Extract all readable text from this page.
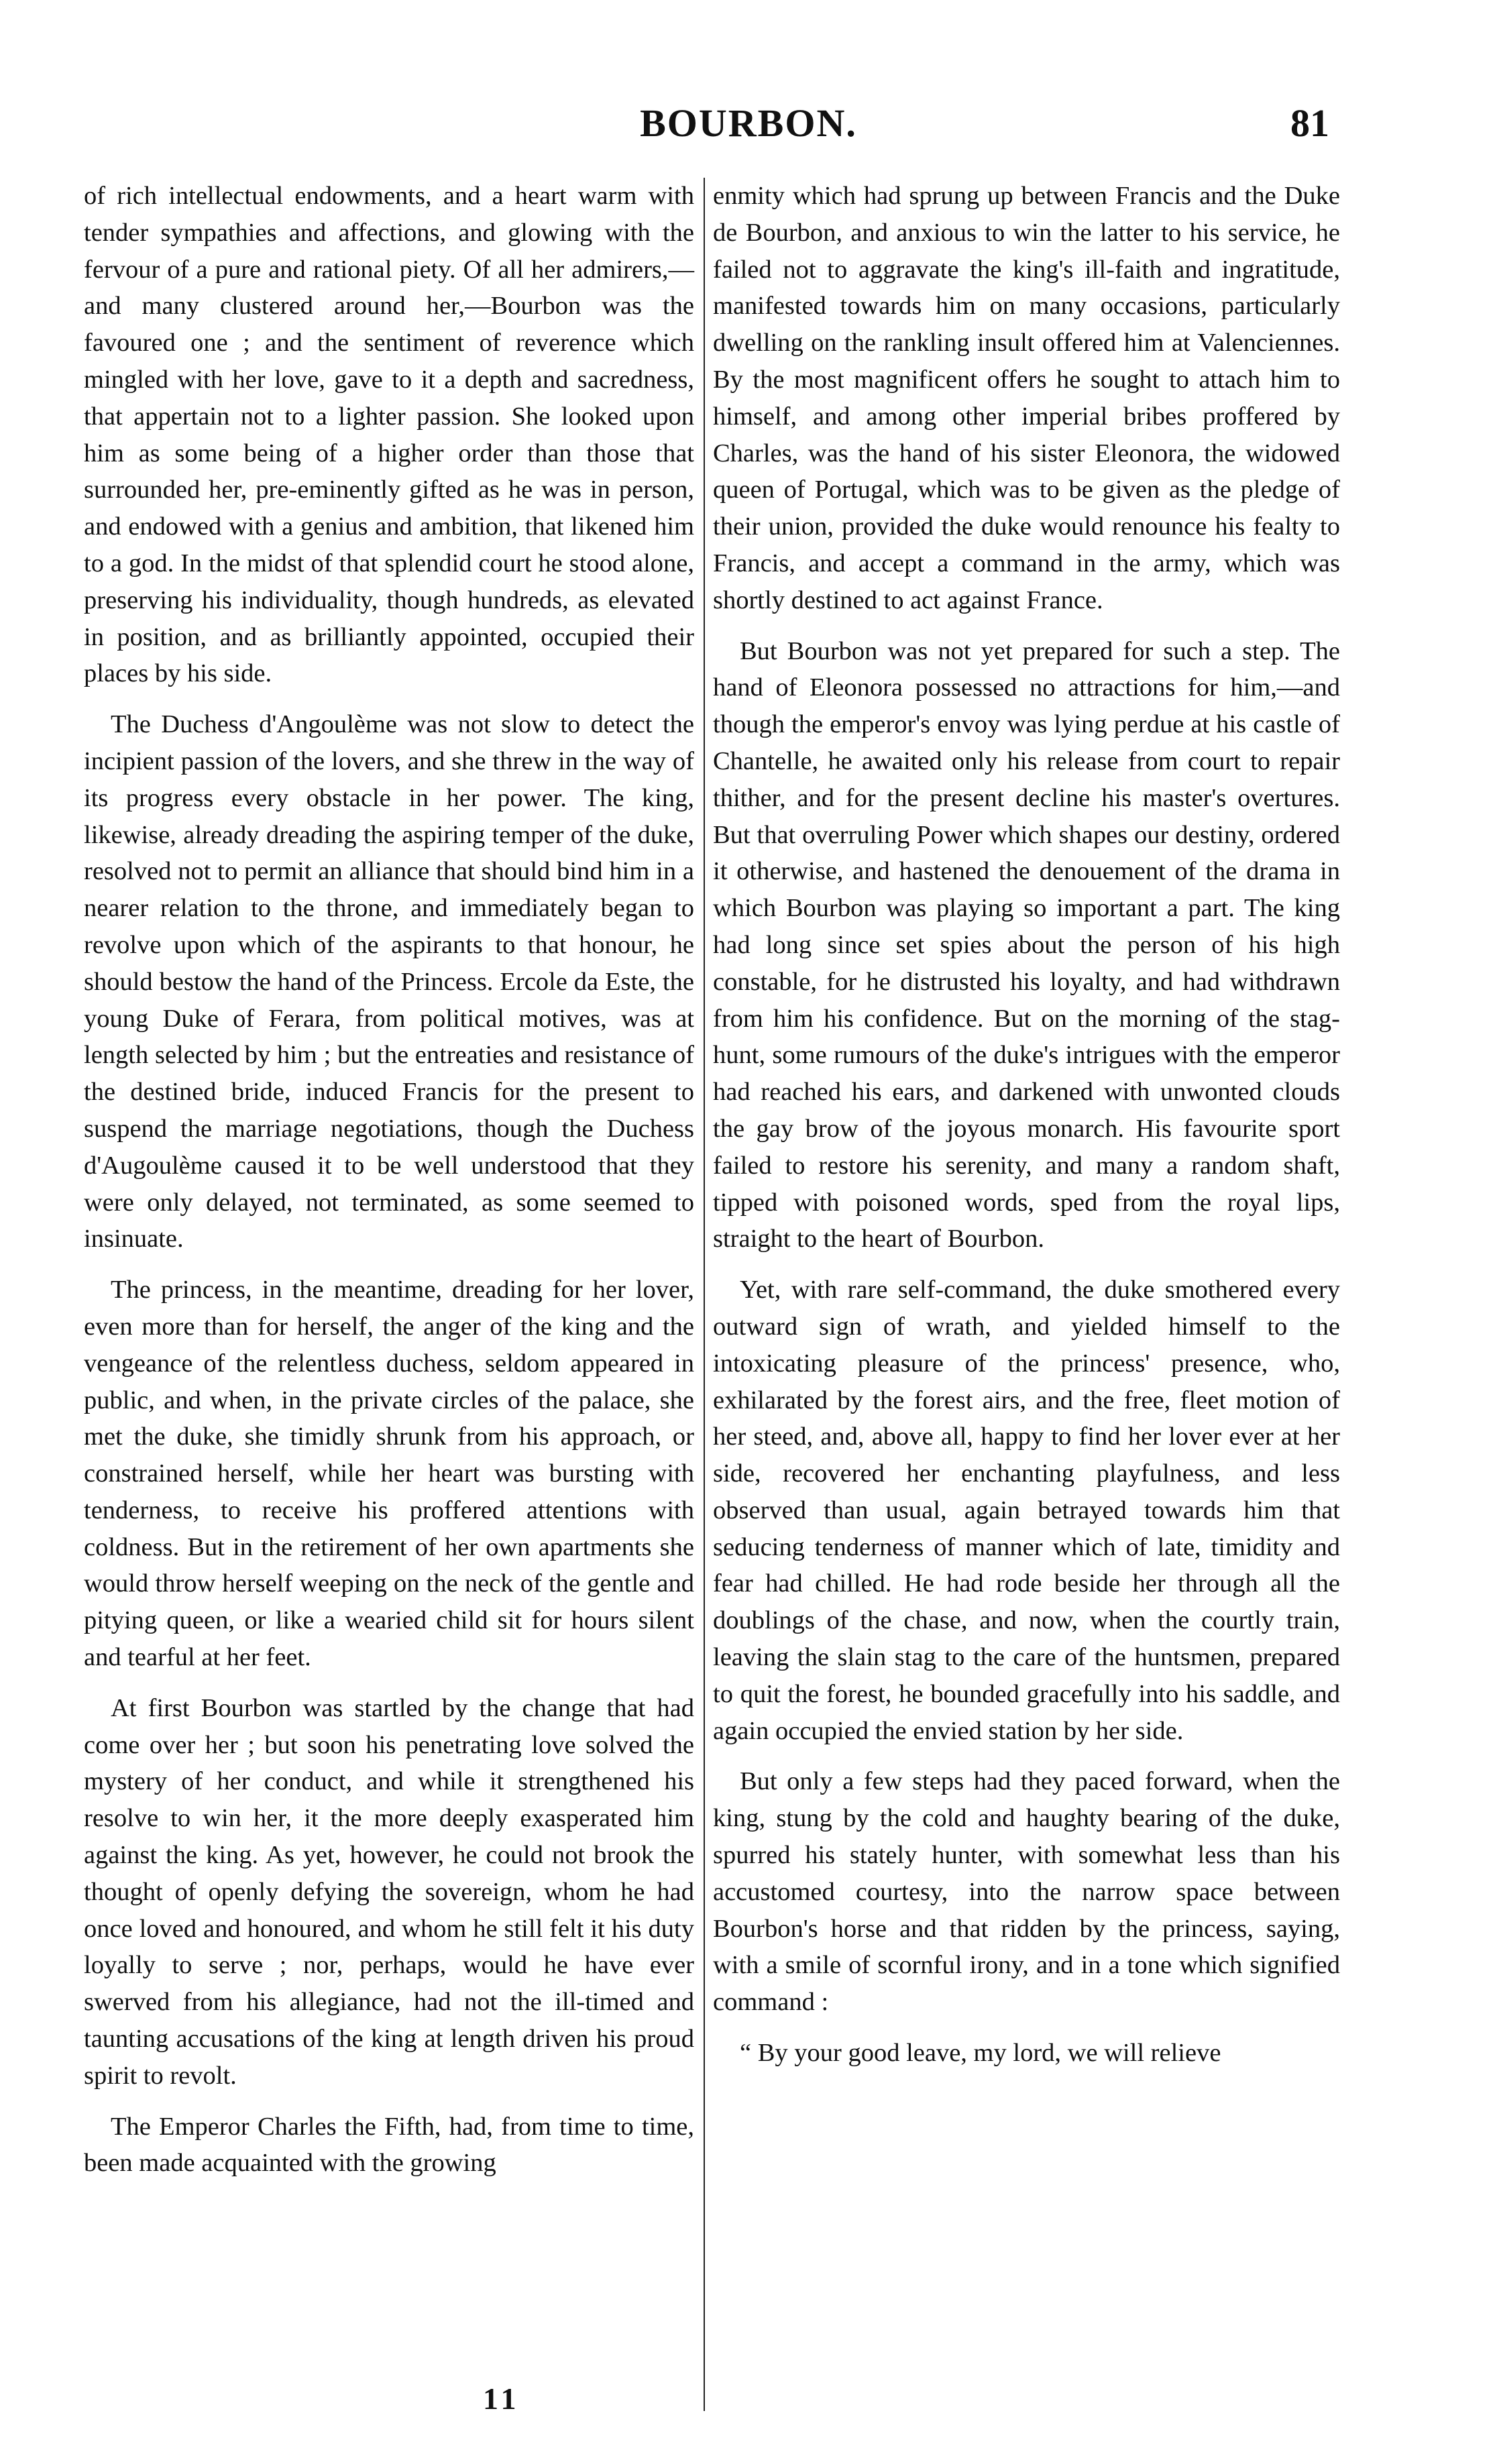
BOURBON.	81

of rich intellectual endowments, and a heart warm with tender sympathies and affections, and glowing with the fervour of a pure and rational piety. Of all her admirers,—and many clustered around her,—Bourbon was the favoured one ; and the sentiment of reverence which mingled with her love, gave to it a depth and sacredness, that appertain not to a lighter passion. She looked upon him as some being of a higher order than those that surrounded her, pre-eminently gifted as he was in person, and endowed with a genius and ambition, that likened him to a god. In the midst of that splendid court he stood alone, preserving his individuality, though hundreds, as elevated in position, and as brilliantly appointed, occupied their places by his side.

The Duchess d'Angoulème was not slow to detect the incipient passion of the lovers, and she threw in the way of its progress every obstacle in her power. The king, likewise, already dreading the aspiring temper of the duke, resolved not to permit an alliance that should bind him in a nearer relation to the throne, and immediately began to revolve upon which of the aspirants to that honour, he should bestow the hand of the Princess. Ercole da Este, the young Duke of Ferara, from political motives, was at length selected by him ; but the entreaties and resistance of the destined bride, induced Francis for the present to suspend the marriage negotiations, though the Duchess d'Augoulème caused it to be well understood that they were only delayed, not terminated, as some seemed to insinuate.

The princess, in the meantime, dreading for her lover, even more than for herself, the anger of the king and the vengeance of the relentless duchess, seldom appeared in public, and when, in the private circles of the palace, she met the duke, she timidly shrunk from his approach, or constrained herself, while her heart was bursting with tenderness, to receive his proffered attentions with coldness. But in the retirement of her own apartments she would throw herself weeping on the neck of the gentle and pitying queen, or like a wearied child sit for hours silent and tearful at her feet.

At first Bourbon was startled by the change that had come over her ; but soon his penetrating love solved the mystery of her conduct, and while it strengthened his resolve to win her, it the more deeply exasperated him against the king. As yet, however, he could not brook the thought of openly defying the sovereign, whom he had once loved and honoured, and whom he still felt it his duty loyally to serve ; nor, perhaps, would he have ever swerved from his allegiance, had not the ill-timed and taunting accusations of the king at length driven his proud spirit to revolt.

The Emperor Charles the Fifth, had, from time to time, been made acquainted with the growing

enmity which had sprung up between Francis and the Duke de Bourbon, and anxious to win the latter to his service, he failed not to aggravate the king's ill-faith and ingratitude, manifested towards him on many occasions, particularly dwelling on the rankling insult offered him at Valenciennes. By the most magnificent offers he sought to attach him to himself, and among other imperial bribes proffered by Charles, was the hand of his sister Eleonora, the widowed queen of Portugal, which was to be given as the pledge of their union, provided the duke would renounce his fealty to Francis, and accept a command in the army, which was shortly destined to act against France.

But Bourbon was not yet prepared for such a step. The hand of Eleonora possessed no attractions for him,—and though the emperor's envoy was lying perdue at his castle of Chantelle, he awaited only his release from court to repair thither, and for the present decline his master's overtures. But that overruling Power which shapes our destiny, ordered it otherwise, and hastened the denouement of the drama in which Bourbon was playing so important a part. The king had long since set spies about the person of his high constable, for he distrusted his loyalty, and had withdrawn from him his confidence. But on the morning of the stag-hunt, some rumours of the duke's intrigues with the emperor had reached his ears, and darkened with unwonted clouds the gay brow of the joyous monarch. His favourite sport failed to restore his serenity, and many a random shaft, tipped with poisoned words, sped from the royal lips, straight to the heart of Bourbon.

Yet, with rare self-command, the duke smothered every outward sign of wrath, and yielded himself to the intoxicating pleasure of the princess' presence, who, exhilarated by the forest airs, and the free, fleet motion of her steed, and, above all, happy to find her lover ever at her side, recovered her enchanting playfulness, and less observed than usual, again betrayed towards him that seducing tenderness of manner which of late, timidity and fear had chilled. He had rode beside her through all the doublings of the chase, and now, when the courtly train, leaving the slain stag to the care of the huntsmen, prepared to quit the forest, he bounded gracefully into his saddle, and again occupied the envied station by her side.

But only a few steps had they paced forward, when the king, stung by the cold and haughty bearing of the duke, spurred his stately hunter, with somewhat less than his accustomed courtesy, into the narrow space between Bourbon's horse and that ridden by the princess, saying, with a smile of scornful irony, and in a tone which signified command :

“ By your good leave, my lord, we will relieve

11
